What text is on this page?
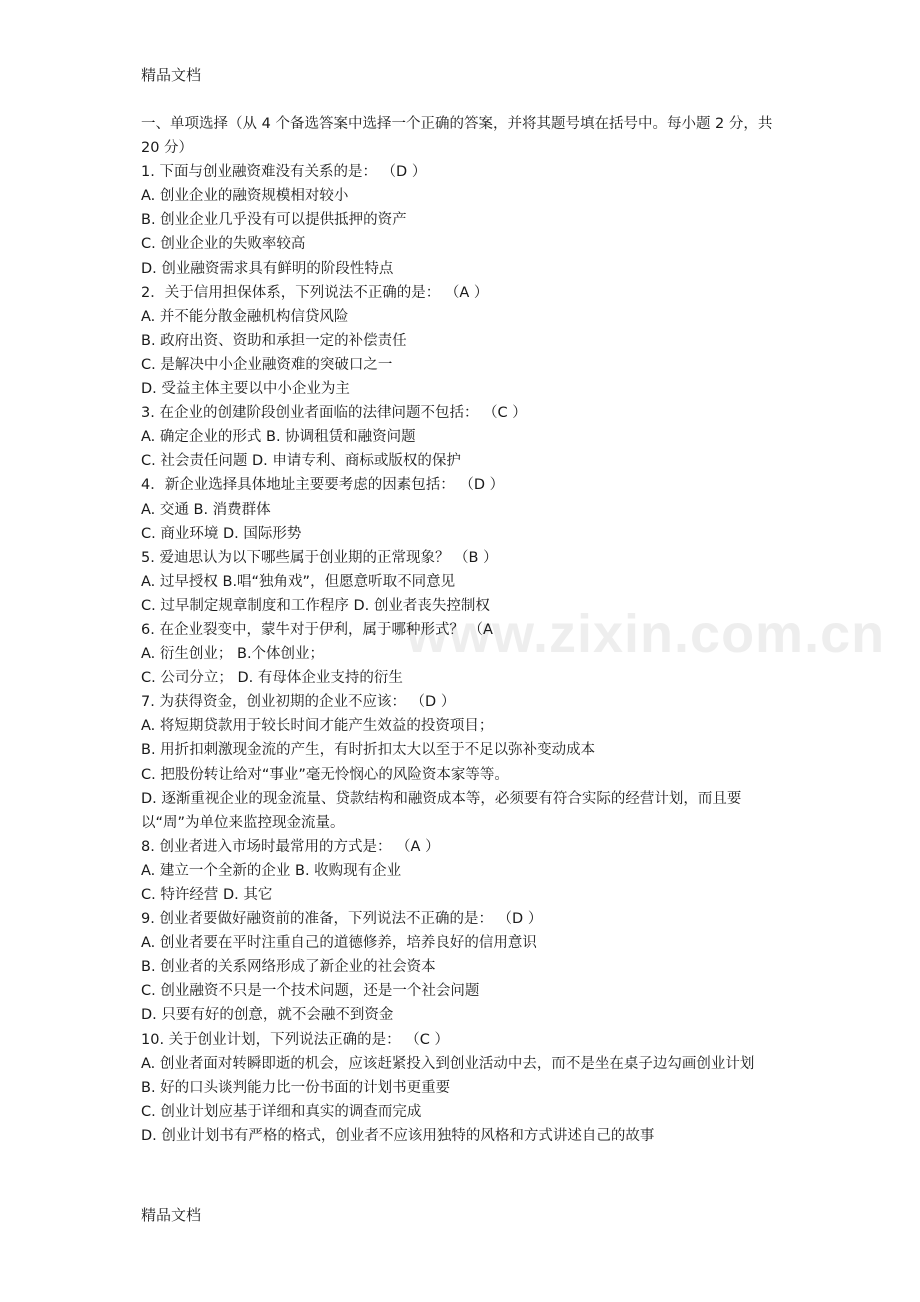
精品文档
www.zixin.com.cn
一、单项选择（从 4 个备选答案中选择一个正确的答案，并将其题号填在括号中。每小题 2 分，共 20 分）
1. 下面与创业融资难没有关系的是： （D ）
A. 创业企业的融资规模相对较小
B. 创业企业几乎没有可以提供抵押的资产
C. 创业企业的失败率较高
D. 创业融资需求具有鲜明的阶段性特点
2．关于信用担保体系，下列说法不正确的是： （A ）
A. 并不能分散金融机构信贷风险
B. 政府出资、资助和承担一定的补偿责任
C. 是解决中小企业融资难的突破口之一
D. 受益主体主要以中小企业为主
3. 在企业的创建阶段创业者面临的法律问题不包括： （C ）
A. 确定企业的形式 B. 协调租赁和融资问题
C. 社会责任问题 D. 申请专利、商标或版权的保护
4．新企业选择具体地址主要要考虑的因素包括： （D ）
A. 交通 B. 消费群体
C. 商业环境 D. 国际形势
5. 爱迪思认为以下哪些属于创业期的正常现象？ （B ）
A. 过早授权 B.唱“独角戏”，但愿意听取不同意见
C. 过早制定规章制度和工作程序 D. 创业者丧失控制权
6. 在企业裂变中，蒙牛对于伊利，属于哪种形式？ （A
A. 衍生创业； B.个体创业；
C. 公司分立； D. 有母体企业支持的衍生
7. 为获得资金，创业初期的企业不应该： （D ）
A. 将短期贷款用于较长时间才能产生效益的投资项目；
B. 用折扣刺激现金流的产生，有时折扣太大以至于不足以弥补变动成本
C. 把股份转让给对“事业”毫无怜悯心的风险资本家等等。
D. 逐渐重视企业的现金流量、贷款结构和融资成本等，必须要有符合实际的经营计划，而且要以“周”为单位来监控现金流量。
8. 创业者进入市场时最常用的方式是： （A ）
A. 建立一个全新的企业 B. 收购现有企业
C. 特许经营 D. 其它
9. 创业者要做好融资前的准备，下列说法不正确的是： （D ）
A. 创业者要在平时注重自己的道德修养，培养良好的信用意识
B. 创业者的关系网络形成了新企业的社会资本
C. 创业融资不只是一个技术问题，还是一个社会问题
D. 只要有好的创意，就不会融不到资金
10. 关于创业计划，下列说法正确的是： （C ）
A. 创业者面对转瞬即逝的机会，应该赶紧投入到创业活动中去，而不是坐在桌子边勾画创业计划
B. 好的口头谈判能力比一份书面的计划书更重要
C. 创业计划应基于详细和真实的调查而完成
D. 创业计划书有严格的格式，创业者不应该用独特的风格和方式讲述自己的故事
精品文档
